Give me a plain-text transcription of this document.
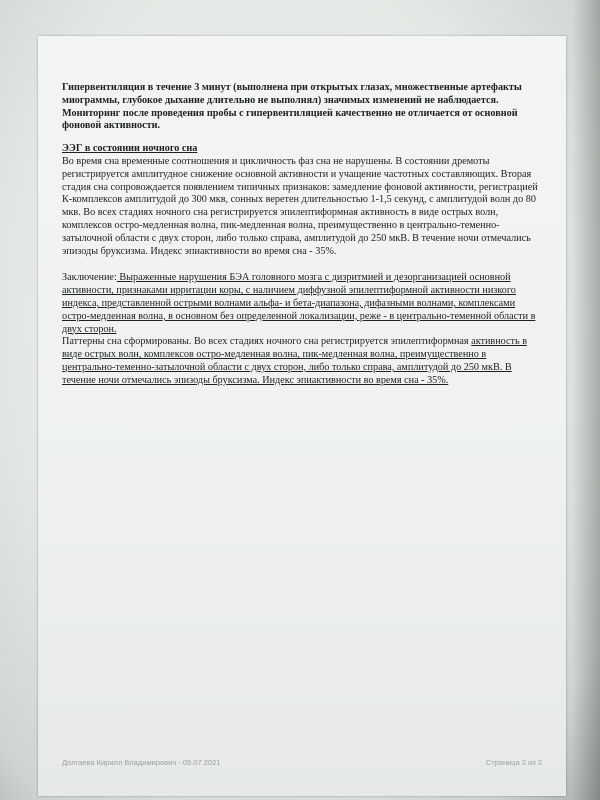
Гипервентиляция в течение 3 минут (выполнена при открытых глазах, множественные артефакты миограммы, глубокое дыхание длительно не выполнял) значимых изменений не наблюдается. Мониторинг после проведения пробы с гипервентиляцией качественно не отличается от основной фоновой активности.

ЭЭГ в состоянии ночного сна

Во время сна временные соотношения и цикличность фаз сна не нарушены. В состоянии дремоты регистрируется амплитудное снижение основной активности и учащение частотных составляющих. Вторая стадия сна сопровождается появлением типичных признаков: замедление фоновой активности, регистрацией К-комплексов амплитудой до 300 мкв, сонных веретен длительностью 1-1,5 секунд, с амплитудой волн до 80 мкв. Во всех стадиях ночного сна регистрируется эпилептиформная активность в виде острых волн, комплексов остро-медленная волна, пик-медленная волна, преимущественно в центрально-теменно-затылочной области с двух сторон, либо только справа, амплитудой до 250 мкВ. В течение ночи отмечались эпизоды бруксизма. Индекс эпиактивности во время сна - 35%.

Заключение: Выраженные нарушения БЭА головного мозга с дизритмией и дезорганизацией основной активности, признаками ирритации коры, с наличием диффузной эпилептиформной активности низкого индекса, представленной острыми волнами альфа- и бета-диапазона, дифазными волнами, комплексами остро-медленная волна, в основном без определенной локализации, реже - в центрально-теменной области в двух сторон.

Паттерны сна сформированы. Во всех стадиях ночного сна регистрируется эпилептиформная активность в виде острых волн, комплексов остро-медленная волна, пик-медленная волна, преимущественно в центрально-теменно-затылочной области с двух сторон, либо только справа, амплитудой до 250 мкВ. В течение ночи отмечались эпизоды бруксизма. Индекс эпиактивности во время сна - 35%.

Долгаева Кирилл Владимирович - 05.07.2021	Страница 2 из 2
